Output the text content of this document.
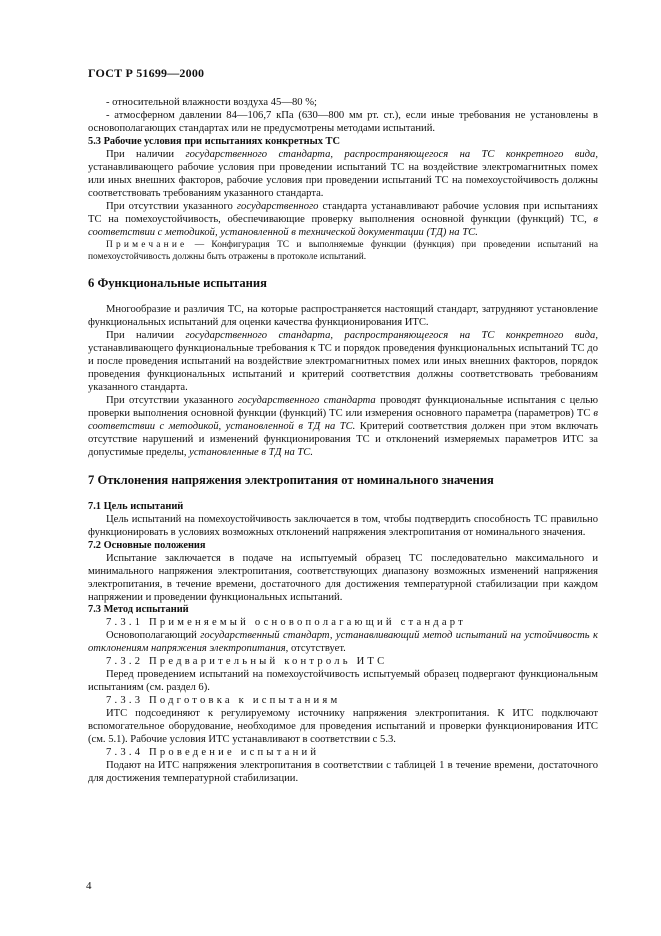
ГОСТ Р 51699—2000

- относительной влажности воздуха 45—80 %;

- атмосферном давлении 84—106,7 кПа (630—800 мм рт. ст.), если иные требования не установлены в основополагающих стандартах или не предусмотрены методами испытаний.

5.3 Рабочие условия при испытаниях конкретных ТС

При наличии государственного стандарта, распространяющегося на ТС конкретного вида, устанавливающего рабочие условия при проведении испытаний ТС на воздействие электромагнитных помех или иных внешних факторов, рабочие условия при проведении испытаний ТС на помехоустойчивость должны соответствовать требованиям указанного стандарта.

При отсутствии указанного государственного стандарта устанавливают рабочие условия при испытаниях ТС на помехоустойчивость, обеспечивающие проверку выполнения основной функции (функций) ТС, в соответствии с методикой, установленной в технической документации (ТД) на ТС.

Примечание — Конфигурация ТС и выполняемые функции (функция) при проведении испытаний на помехоустойчивость должны быть отражены в протоколе испытаний.

6 Функциональные испытания

Многообразие и различия ТС, на которые распространяется настоящий стандарт, затрудняют установление функциональных испытаний для оценки качества функционирования ИТС.

При наличии государственного стандарта, распространяющегося на ТС конкретного вида, устанавливающего функциональные требования к ТС и порядок проведения функциональных испытаний ТС до и после проведения испытаний на воздействие электромагнитных помех или иных внешних факторов, порядок проведения функциональных испытаний и критерий соответствия должны соответствовать требованиям указанного стандарта.

При отсутствии указанного государственного стандарта проводят функциональные испытания с целью проверки выполнения основной функции (функций) ТС или измерения основного параметра (параметров) ТС в соответствии с методикой, установленной в ТД на ТС. Критерий соответствия должен при этом включать отсутствие нарушений и изменений функционирования ТС и отклонений измеряемых параметров ИТС за допустимые пределы, установленные в ТД на ТС.

7 Отклонения напряжения электропитания от номинального значения

7.1 Цель испытаний

Цель испытаний на помехоустойчивость заключается в том, чтобы подтвердить способность ТС правильно функционировать в условиях возможных отклонений напряжения электропитания от номинального значения.

7.2 Основные положения

Испытание заключается в подаче на испытуемый образец ТС последовательно максимального и минимального напряжения электропитания, соответствующих диапазону возможных изменений напряжения электропитания, в течение времени, достаточного для достижения температурной стабилизации при каждом напряжении и проведении функциональных испытаний.

7.3 Метод испытаний

7.3.1 Применяемый основополагающий стандарт

Основополагающий государственный стандарт, устанавливающий метод испытаний на устойчивость к отклонениям напряжения электропитания, отсутствует.

7.3.2 Предварительный контроль ИТС

Перед проведением испытаний на помехоустойчивость испытуемый образец подвергают функциональным испытаниям (см. раздел 6).

7.3.3 Подготовка к испытаниям

ИТС подсоединяют к регулируемому источнику напряжения электропитания. К ИТС подключают вспомогательное оборудование, необходимое для проведения испытаний и проверки функционирования ИТС (см. 5.1). Рабочие условия ИТС устанавливают в соответствии с 5.3.

7.3.4 Проведение испытаний

Подают на ИТС напряжения электропитания в соответствии с таблицей 1 в течение времени, достаточного для достижения температурной стабилизации.

4
